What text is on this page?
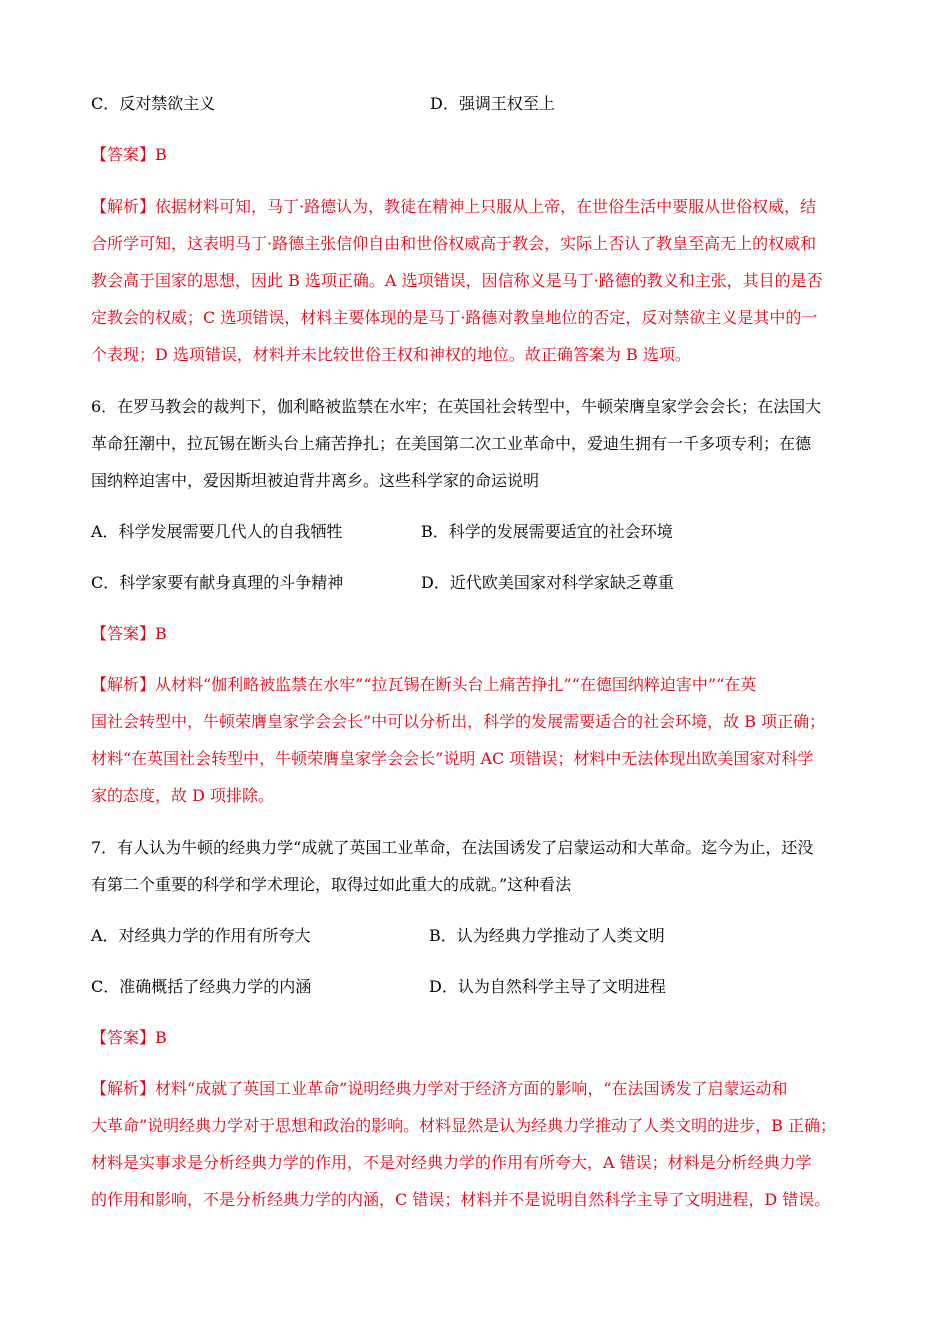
C．反对禁欲主义	D．强调王权至上
【答案】B
【解析】依据材料可知，马丁·路德认为，教徒在精神上只服从上帝，在世俗生活中要服从世俗权威，结
合所学可知，这表明马丁·路德主张信仰自由和世俗权威高于教会，实际上否认了教皇至高无上的权威和
教会高于国家的思想，因此 B 选项正确。A 选项错误，因信称义是马丁·路德的教义和主张，其目的是否
定教会的权威；C 选项错误，材料主要体现的是马丁·路德对教皇地位的否定，反对禁欲主义是其中的一
个表现；D 选项错误，材料并未比较世俗王权和神权的地位。故正确答案为 B 选项。
6．在罗马教会的裁判下，伽利略被监禁在水牢；在英国社会转型中，牛顿荣膺皇家学会会长；在法国大
革命狂潮中，拉瓦锡在断头台上痛苦挣扎；在美国第二次工业革命中，爱迪生拥有一千多项专利；在德
国纳粹迫害中，爱因斯坦被迫背井离乡。这些科学家的命运说明
A．科学发展需要几代人的自我牺牲	B．科学的发展需要适宜的社会环境
C．科学家要有献身真理的斗争精神	D．近代欧美国家对科学家缺乏尊重
【答案】B
【解析】从材料“伽利略被监禁在水牢”“拉瓦锡在断头台上痛苦挣扎”“在德国纳粹迫害中”“在英
国社会转型中，牛顿荣膺皇家学会会长”中可以分析出，科学的发展需要适合的社会环境，故 B 项正确；
材料“在英国社会转型中，牛顿荣膺皇家学会会长”说明 AC 项错误；材料中无法体现出欧美国家对科学
家的态度，故 D 项排除。
7．有人认为牛顿的经典力学“成就了英国工业革命，在法国诱发了启蒙运动和大革命。迄今为止，还没
有第二个重要的科学和学术理论，取得过如此重大的成就。”这种看法
A．对经典力学的作用有所夸大	B．认为经典力学推动了人类文明
C．准确概括了经典力学的内涵	D．认为自然科学主导了文明进程
【答案】B
【解析】材料“成就了英国工业革命”说明经典力学对于经济方面的影响，“在法国诱发了启蒙运动和
大革命”说明经典力学对于思想和政治的影响。材料显然是认为经典力学推动了人类文明的进步，B 正确；
材料是实事求是分析经典力学的作用，不是对经典力学的作用有所夸大，A 错误；材料是分析经典力学
的作用和影响，不是分析经典力学的内涵，C 错误；材料并不是说明自然科学主导了文明进程，D 错误。
